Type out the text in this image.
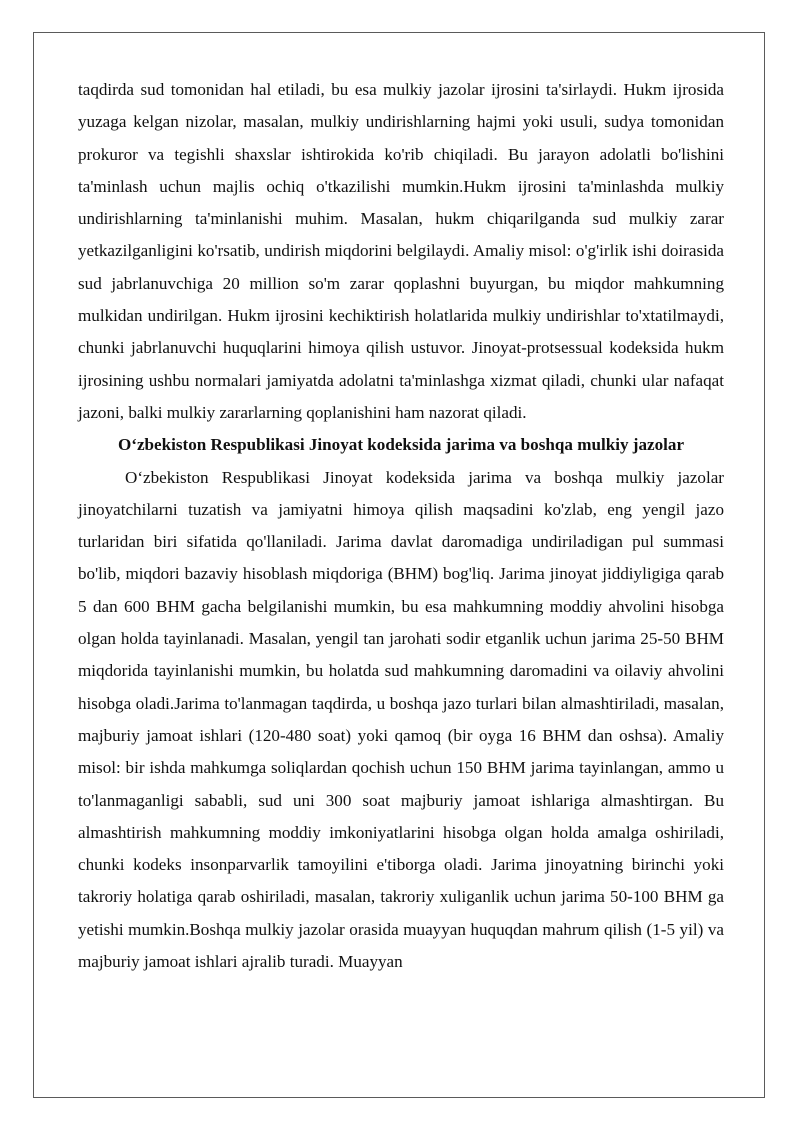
taqdirda sud tomonidan hal etiladi, bu esa mulkiy jazolar ijrosini ta'sirlaydi. Hukm ijrosida yuzaga kelgan nizolar, masalan, mulkiy undirishlarning hajmi yoki usuli, sudya tomonidan prokuror va tegishli shaxslar ishtirokida ko'rib chiqiladi. Bu jarayon adolatli bo'lishini ta'minlash uchun majlis ochiq o'tkazilishi mumkin.Hukm ijrosini ta'minlashda mulkiy undirishlarning ta'minlanishi muhim. Masalan, hukm chiqarilganda sud mulkiy zarar yetkazilganligini ko'rsatib, undirish miqdorini belgilaydi. Amaliy misol: o'g'irlik ishi doirasida sud jabrlanuvchiga 20 million so'm zarar qoplashni buyurgan, bu miqdor mahkumning mulkidan undirilgan. Hukm ijrosini kechiktirish holatlarida mulkiy undirishlar to'xtatilmaydi, chunki jabrlanuvchi huquqlarini himoya qilish ustuvor. Jinoyat-protsessual kodeksida hukm ijrosining ushbu normalari jamiyatda adolatni ta'minlashga xizmat qiladi, chunki ular nafaqat jazoni, balki mulkiy zararlarning qoplanishini ham nazorat qiladi.

O‘zbekiston Respublikasi Jinoyat kodeksida jarima va boshqa mulkiy jazolar

O‘zbekiston Respublikasi Jinoyat kodeksida jarima va boshqa mulkiy jazolar jinoyatchilarni tuzatish va jamiyatni himoya qilish maqsadini ko'zlab, eng yengil jazo turlaridan biri sifatida qo'llaniladi. Jarima davlat daromadiga undiriladigan pul summasi bo'lib, miqdori bazaviy hisoblash miqdoriga (BHM) bog'liq. Jarima jinoyat jiddiyligiga qarab 5 dan 600 BHM gacha belgilanishi mumkin, bu esa mahkumning moddiy ahvolini hisobga olgan holda tayinlanadi. Masalan, yengil tan jarohati sodir etganlik uchun jarima 25-50 BHM miqdorida tayinlanishi mumkin, bu holatda sud mahkumning daromadini va oilaviy ahvolini hisobga oladi.Jarima to'lanmagan taqdirda, u boshqa jazo turlari bilan almashtiriladi, masalan, majburiy jamoat ishlari (120-480 soat) yoki qamoq (bir oyga 16 BHM dan oshsa). Amaliy misol: bir ishda mahkumga soliqlardan qochish uchun 150 BHM jarima tayinlangan, ammo u to'lanmaganligi sababli, sud uni 300 soat majburiy jamoat ishlariga almashtirgan. Bu almashtirish mahkumning moddiy imkoniyatlarini hisobga olgan holda amalga oshiriladi, chunki kodeks insonparvarlik tamoyilini e'tiborga oladi. Jarima jinoyatning birinchi yoki takroriy holatiga qarab oshiriladi, masalan, takroriy xuliganlik uchun jarima 50-100 BHM ga yetishi mumkin.Boshqa mulkiy jazolar orasida muayyan huquqdan mahrum qilish (1-5 yil) va majburiy jamoat ishlari ajralib turadi. Muayyan
